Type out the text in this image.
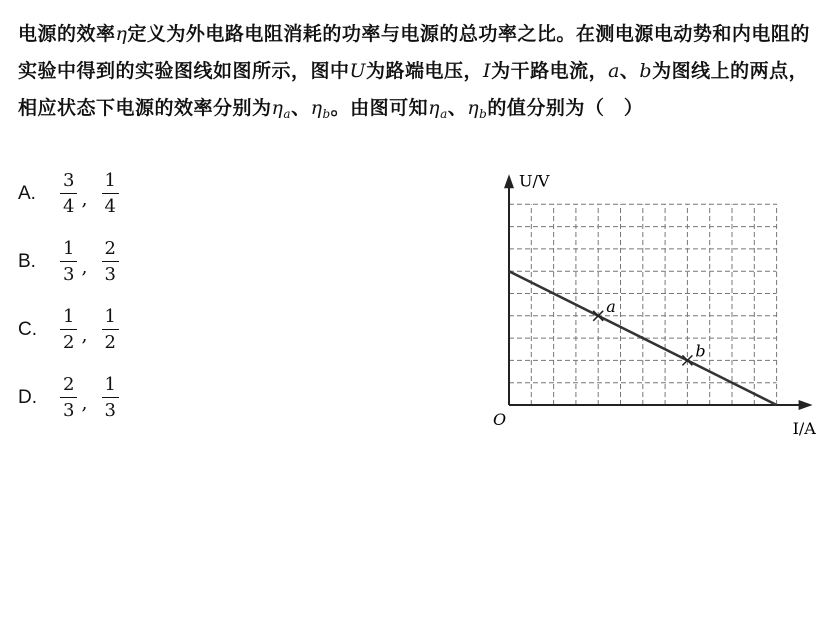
电源的效率η定义为外电路电阻消耗的功率与电源的总功率之比。在测电源电动势和内电阻的实验中得到的实验图线如图所示，图中U为路端电压，I为干路电流，a、b为图线上的两点，相应状态下电源的效率分别为$\eta_a$、$\eta_b$。由图可知$\eta_a$、$\eta_b$的值分别为（　）
A.	$\frac{3}{4}$ , $\frac{1}{4}$
B.	$\frac{1}{3}$ , $\frac{2}{3}$
C.	$\frac{1}{2}$ , $\frac{1}{2}$
D.	$\frac{2}{3}$ , $\frac{1}{3}$
U/V
I/A
O
a
b
